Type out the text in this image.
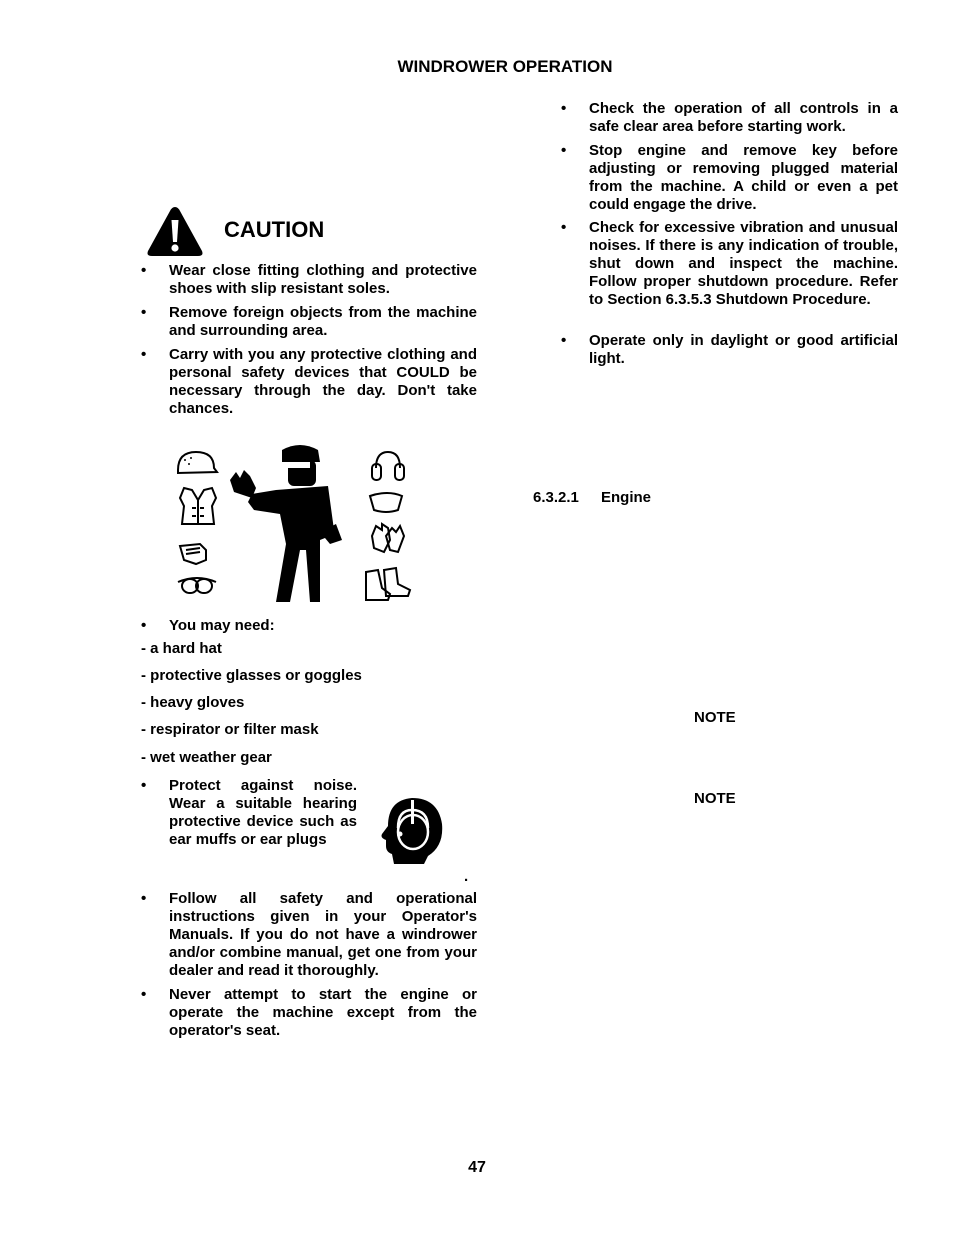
WINDROWER OPERATION
• Check the operation of all controls in a safe clear area before starting work.
• Stop engine and remove key before adjusting or removing plugged material from the machine. A child or even a pet could engage the drive.
• Check for excessive vibration and unusual noises. If there is any indication of trouble, shut down and inspect the machine. Follow proper shutdown procedure. Refer to Section 6.3.5.3 Shutdown Procedure.
• Operate only in daylight or good artificial light.
CAUTION
• Wear close fitting clothing and protective shoes with slip resistant soles.
• Remove foreign objects from the machine and surrounding area.
• Carry with you any protective clothing and personal safety devices that COULD be necessary through the day. Don't take chances.
• You may need:
- a hard hat
- protective glasses or goggles
- heavy gloves
- respirator or filter mask
- wet weather gear
• Protect against noise. Wear a suitable hearing protective device such as ear muffs or ear plugs
.
• Follow all safety and operational instructions given in your Operator's Manuals. If you do not have a windrower and/or combine manual, get one from your dealer and read it thoroughly.
• Never attempt to start the engine or operate the machine except from the operator's seat.
6.3.2.1 Engine
NOTE
NOTE
47
